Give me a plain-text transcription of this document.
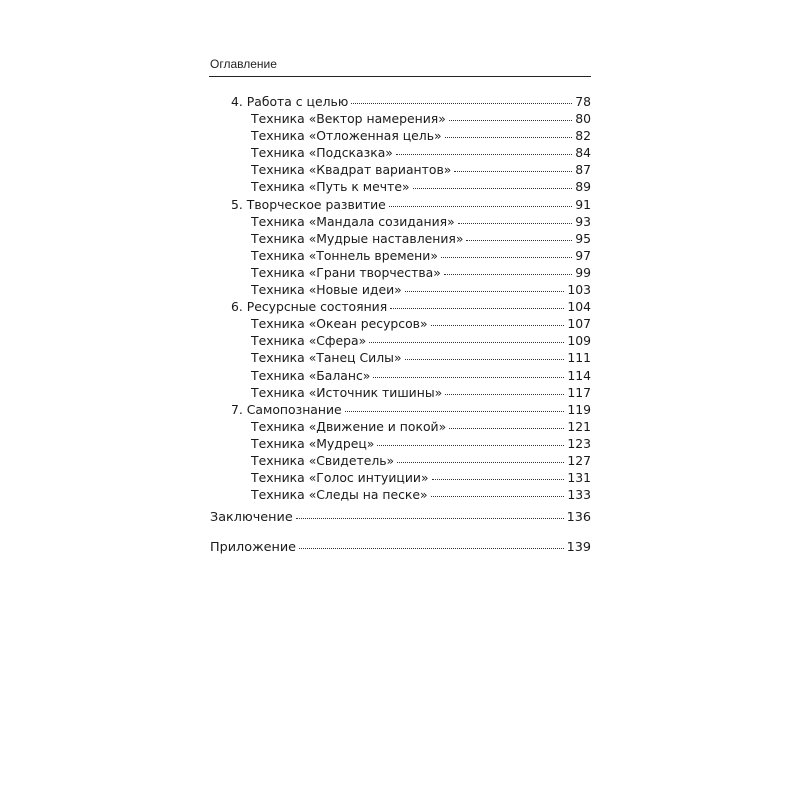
Оглавление
4. Работа с целью	78
Техника «Вектор намерения»	80
Техника «Отложенная цель»	82
Техника «Подсказка»	84
Техника «Квадрат вариантов»	87
Техника «Путь к мечте»	89
5. Творческое развитие	91
Техника «Мандала созидания»	93
Техника «Мудрые наставления»	95
Техника «Тоннель времени»	97
Техника «Грани творчества»	99
Техника «Новые идеи»	103
6. Ресурсные состояния	104
Техника «Океан ресурсов»	107
Техника «Сфера»	109
Техника «Танец Силы»	111
Техника «Баланс»	114
Техника «Источник тишины»	117
7. Самопознание	119
Техника «Движение и покой»	121
Техника «Мудрец»	123
Техника «Свидетель»	127
Техника «Голос интуиции»	131
Техника «Следы на песке»	133
Заключение	136
Приложение	139
